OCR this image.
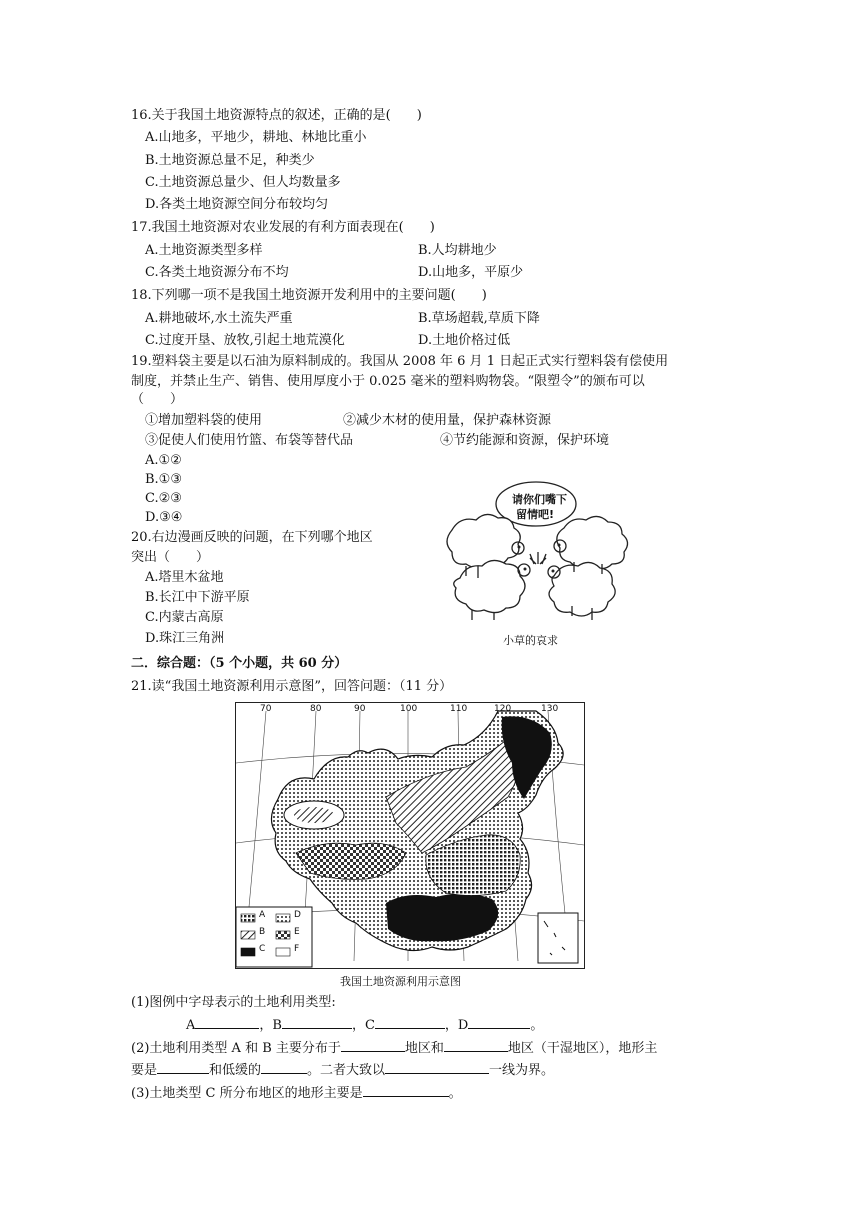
16.关于我国土地资源特点的叙述，正确的是(　　)
A.山地多，平地少，耕地、林地比重小
B.土地资源总量不足，种类少
C.土地资源总量少、但人均数量多
D.各类土地资源空间分布较均匀
17.我国土地资源对农业发展的有利方面表现在(　　)
A.土地资源类型多样	B.人均耕地少
C.各类土地资源分布不均	D.山地多，平原少
18.下列哪一项不是我国土地资源开发利用中的主要问题(　　)
A.耕地破坏,水土流失严重	B.草场超载,草质下降
C.过度开垦、放牧,引起土地荒漠化	D.土地价格过低
19.塑料袋主要是以石油为原料制成的。我国从 2008 年 6 月 1 日起正式实行塑料袋有偿使用
制度，并禁止生产、销售、使用厚度小于 0.025 毫米的塑料购物袋。“限塑令”的颁布可以
（　　）
①增加塑料袋的使用	②减少木材的使用量，保护森林资源
③促使人们使用竹篮、布袋等替代品	④节约能源和资源，保护环境
A.①②
B.①③
C.②③
D.③④
20.右边漫画反映的问题，在下列哪个地区
突出（　　）
A.塔里木盆地
B.长江中下游平原
C.内蒙古高原
D.珠江三角洲
请你们嘴下
留情吧!
小草的哀求
二．综合题：（5 个小题，共 60 分）
21.读“我国土地资源利用示意图”，回答问题：（11 分）
70	80	90	100	110	120	130
A
B
C
D
E
F
我国土地资源利用示意图
(1)图例中字母表示的土地利用类型:
A	，B	，C	，D	。
(2)土地利用类型 A 和 B 主要分布于	地区和	地区（干湿地区），地形主
要是	和低缓的	。二者大致以	一线为界。
(3)土地类型 C 所分布地区的地形主要是	。
